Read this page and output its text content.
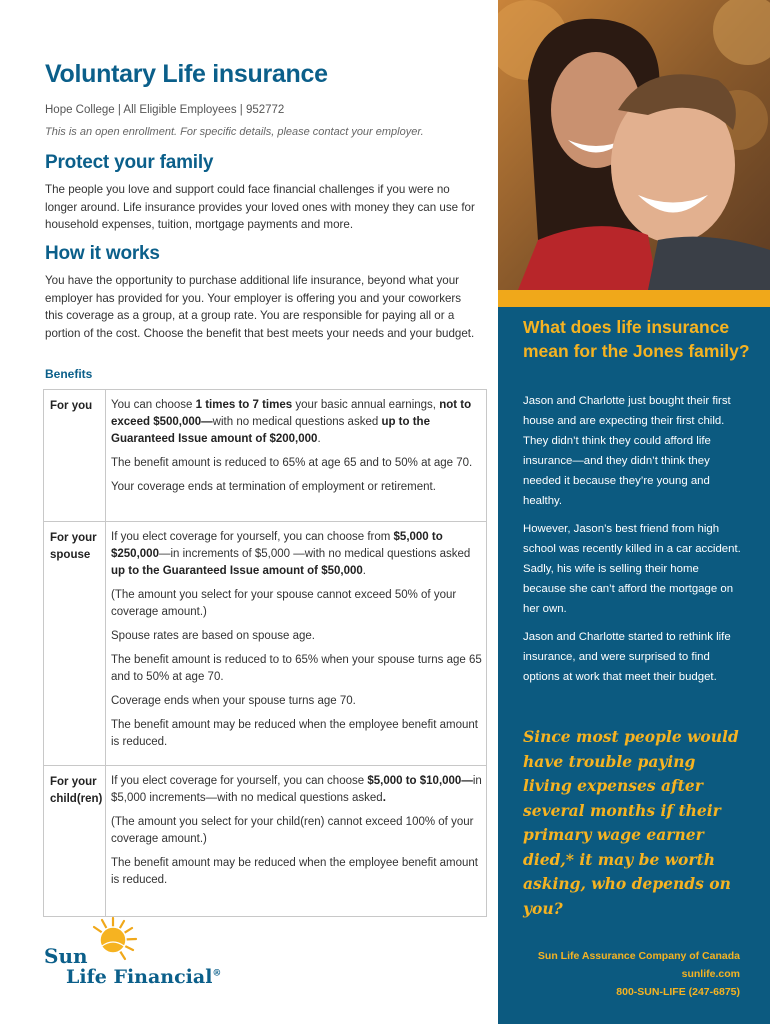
Voluntary Life insurance
Hope College | All Eligible Employees | 952772
This is an open enrollment. For specific details, please contact your employer.
Protect your family

The people you love and support could face financial challenges if you were no longer around. Life insurance provides your loved ones with money they can use for household expenses, tuition, mortgage payments and more.

How it works

You have the opportunity to purchase additional life insurance, beyond what your employer has provided for you. Your employer is offering you and your coworkers this coverage as a group, at a group rate. You are responsible for paying all or a portion of the cost. Choose the benefit that best meets your needs and your budget.

Benefits
For you	You can choose 1 times to 7 times your basic annual earnings, not to exceed $500,000—with no medical questions asked up to the Guaranteed Issue amount of $200,000.

The benefit amount is reduced to 65% at age 65 and to 50% at age 70.

Your coverage ends at termination of employment or retirement.

For your spouse

If you elect coverage for yourself, you can choose from $5,000 to $250,000—in increments of $5,000 —with no medical questions asked up to the Guaranteed Issue amount of $50,000.

(The amount you select for your spouse cannot exceed 50% of your coverage amount.)

Spouse rates are based on spouse age.

The benefit amount is reduced to to 65% when your spouse turns age 65 and to 50% at age 70.

Coverage ends when your spouse turns age 70.

The benefit amount may be reduced when the employee benefit amount is reduced.

For your child(ren)

If you elect coverage for yourself, you can choose $5,000 to $10,000—in $5,000 increments—with no medical questions asked.

(The amount you select for your child(ren) cannot exceed 100% of your coverage amount.)

The benefit amount may be reduced when the employee benefit amount is reduced.

Sun
Life Financial®
What does life insurance mean for the Jones family?

Jason and Charlotte just bought their first house and are expecting their first child. They didn’t think they could afford life insurance—and they didn’t think they needed it because they’re young and healthy.

However, Jason’s best friend from high school was recently killed in a car accident. Sadly, his wife is selling their home because she can’t afford the mortgage on her own.

Jason and Charlotte started to rethink life insurance, and were surprised to find options at work that meet their budget.

Since most people would have trouble paying living expenses after several months if their primary wage earner died,* it may be worth asking, who depends on you?

Sun Life Assurance Company of Canada
sunlife.com
800-SUN-LIFE (247-6875)
